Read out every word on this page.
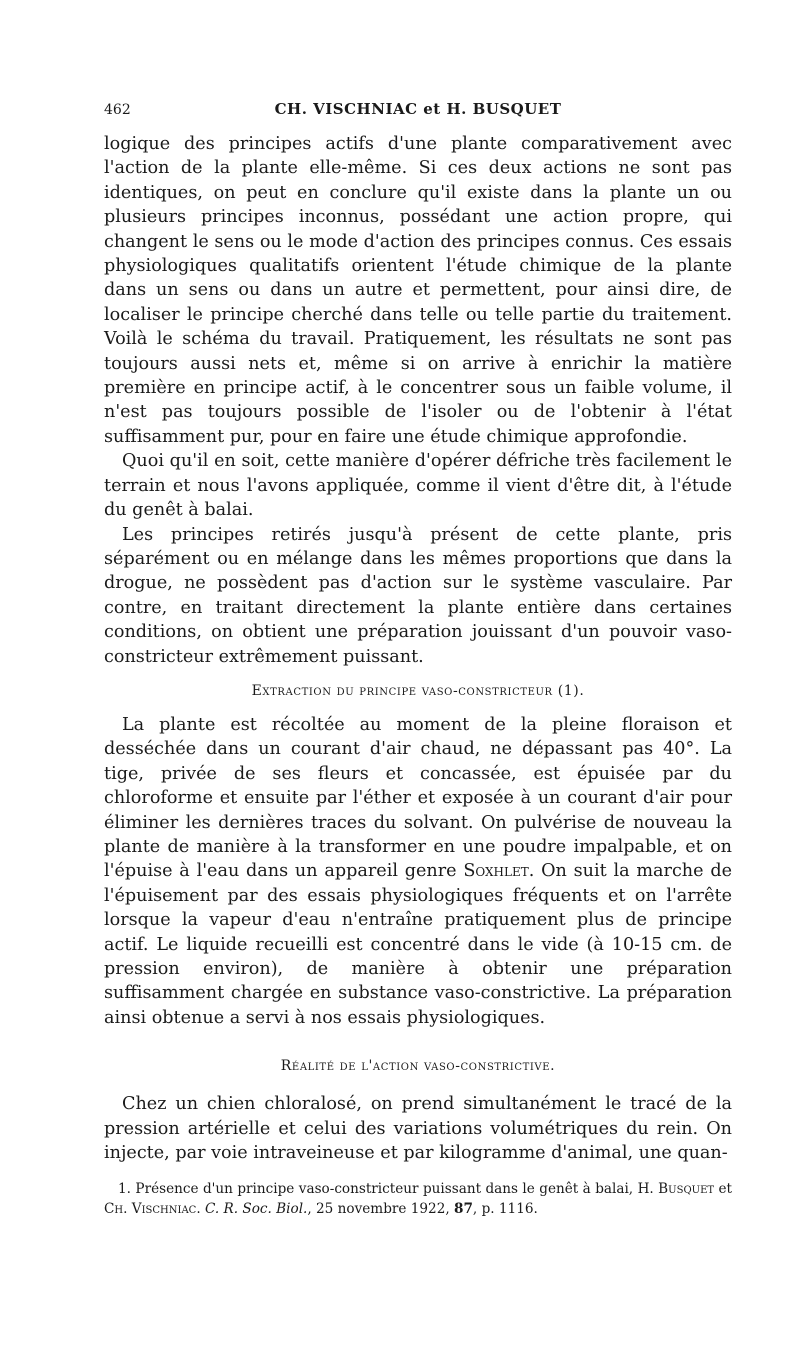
462	CH. VISCHNIAC et H. BUSQUET

logique des principes actifs d'une plante comparativement avec l'action de la plante elle-même. Si ces deux actions ne sont pas identiques, on peut en conclure qu'il existe dans la plante un ou plusieurs principes inconnus, possédant une action propre, qui changent le sens ou le mode d'action des principes connus. Ces essais physiologiques qualitatifs orientent l'étude chimique de la plante dans un sens ou dans un autre et permettent, pour ainsi dire, de localiser le principe cherché dans telle ou telle partie du traitement. Voilà le schéma du travail. Pratiquement, les résultats ne sont pas toujours aussi nets et, même si on arrive à enrichir la matière première en principe actif, à le concentrer sous un faible volume, il n'est pas toujours possible de l'isoler ou de l'obtenir à l'état suffisamment pur, pour en faire une étude chimique approfondie.

Quoi qu'il en soit, cette manière d'opérer défriche très facilement le terrain et nous l'avons appliquée, comme il vient d'être dit, à l'étude du genêt à balai.

Les principes retirés jusqu'à présent de cette plante, pris séparément ou en mélange dans les mêmes proportions que dans la drogue, ne possèdent pas d'action sur le système vasculaire. Par contre, en traitant directement la plante entière dans certaines conditions, on obtient une préparation jouissant d'un pouvoir vaso-constricteur extrêmement puissant.

Extraction du principe vaso-constricteur (1).

La plante est récoltée au moment de la pleine floraison et desséchée dans un courant d'air chaud, ne dépassant pas 40°. La tige, privée de ses fleurs et concassée, est épuisée par du chloroforme et ensuite par l'éther et exposée à un courant d'air pour éliminer les dernières traces du solvant. On pulvérise de nouveau la plante de manière à la transformer en une poudre impalpable, et on l'épuise à l'eau dans un appareil genre Soxhlet. On suit la marche de l'épuisement par des essais physiologiques fréquents et on l'arrête lorsque la vapeur d'eau n'entraîne pratiquement plus de principe actif. Le liquide recueilli est concentré dans le vide (à 10-15 cm. de pression environ), de manière à obtenir une préparation suffisamment chargée en substance vaso-constrictive. La préparation ainsi obtenue a servi à nos essais physiologiques.

Réalité de l'action vaso-constrictive.

Chez un chien chloralosé, on prend simultanément le tracé de la pression artérielle et celui des variations volumétriques du rein. On injecte, par voie intraveineuse et par kilogramme d'animal, une quan-

1. Présence d'un principe vaso-constricteur puissant dans le genêt à balai, H. Busquet et Ch. Vischniac. C. R. Soc. Biol., 25 novembre 1922, 87, p. 1116.
